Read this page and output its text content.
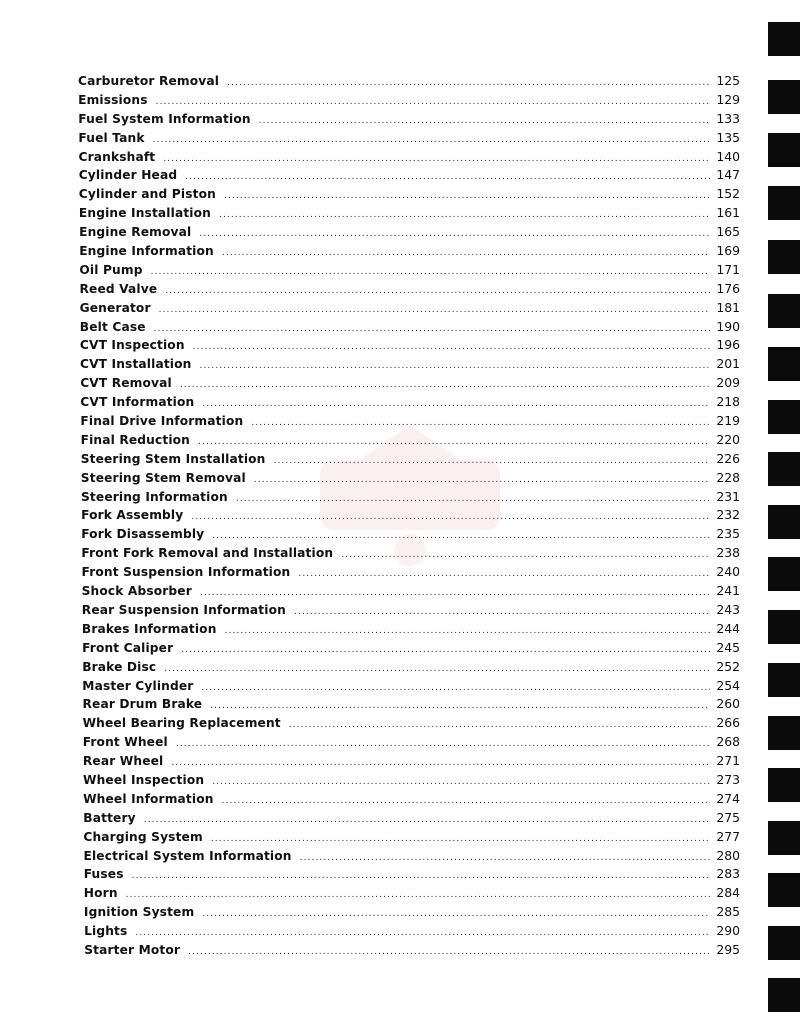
Carburetor Removal .....	125
Emissions .....	129
Fuel System Information .....	133
Fuel Tank .....	135
Crankshaft .....	140
Cylinder Head .....	147
Cylinder and Piston .....	152
Engine Installation .....	161
Engine Removal .....	165
Engine Information .....	169
Oil Pump .....	171
Reed Valve .....	176
Generator .....	181
Belt Case .....	190
CVT Inspection .....	196
CVT Installation .....	201
CVT Removal .....	209
CVT Information .....	218
Final Drive Information .....	219
Final Reduction .....	220
Steering Stem Installation .....	226
Steering Stem Removal .....	228
Steering Information .....	231
Fork Assembly .....	232
Fork Disassembly .....	235
Front Fork Removal and Installation .....	238
Front Suspension Information .....	240
Shock Absorber .....	241
Rear Suspension Information .....	243
Brakes Information .....	244
Front Caliper .....	245
Brake Disc .....	252
Master Cylinder .....	254
Rear Drum Brake .....	260
Wheel Bearing Replacement .....	266
Front Wheel .....	268
Rear Wheel .....	271
Wheel Inspection .....	273
Wheel Information .....	274
Battery .....	275
Charging System .....	277
Electrical System Information .....	280
Fuses .....	283
Horn .....	284
Ignition System .....	285
Lights .....	290
Starter Motor .....	295
